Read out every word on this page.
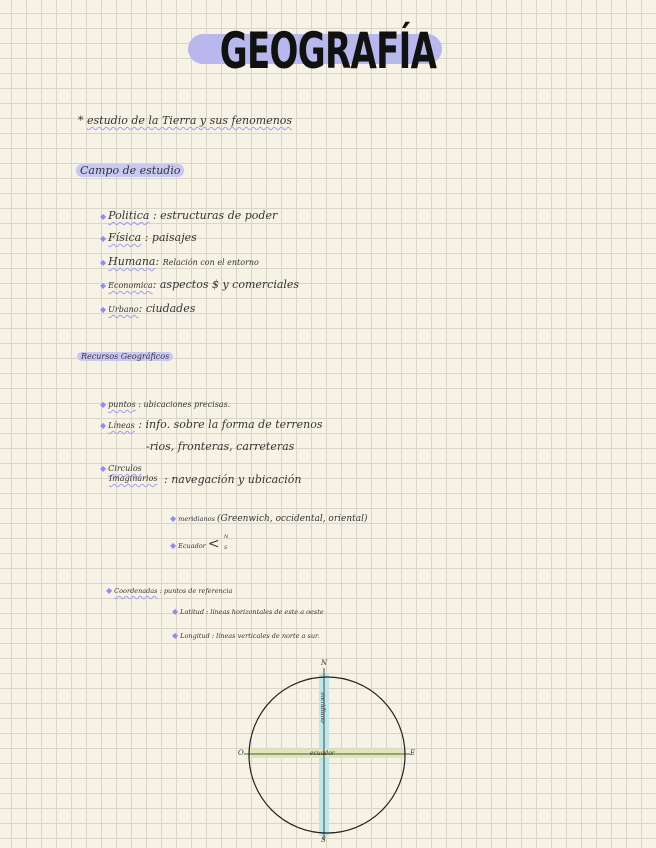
GEOGRAFÍA
* estudio de la Tierra y sus fenomenos
Campo de estudio
◆ Politica : estructuras de poder
◆ Física : paisajes
◆ Humana: Relación con el entorno
◆ Economica: aspectos $ y comerciales
◆ Urbano: ciudades
Recursos Geográficos
◆ puntos : ubicaciones precisas.
◆ Líneas : info. sobre la forma de terrenos
-rios, fronteras, carreteras
◆ Circulos
Imaginarios : navegación y ubicación
◆ meridianos (Greenwich, occidental, oriental)
◆ Ecuador < N
S
◆ Coordenadas : puntos de referencia
◆ Latitud : líneas horizontales de este a oeste
◆ Longitud : líneas verticales de norte a sur.
N
S
O	E
ecuador
meridiano
